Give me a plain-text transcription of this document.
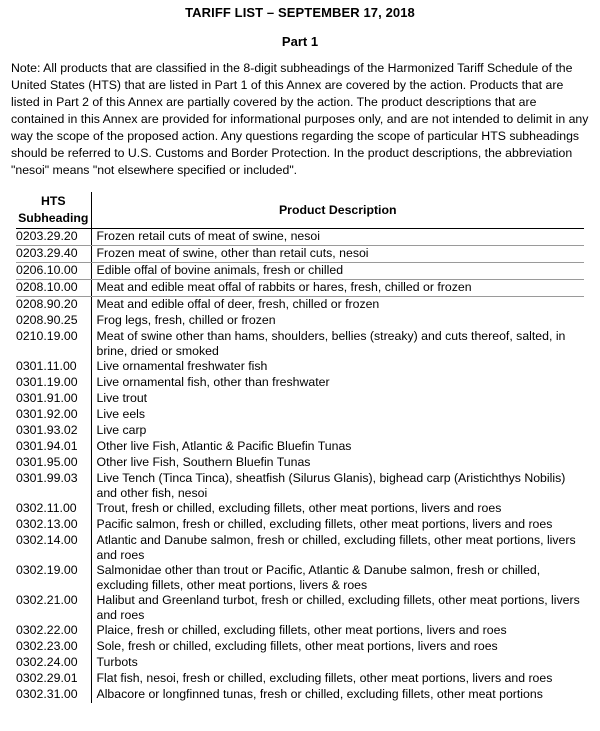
TARIFF LIST – SEPTEMBER 17, 2018
Part 1
Note: All products that are classified in the 8-digit subheadings of the Harmonized Tariff Schedule of the United States (HTS) that are listed in Part 1 of this Annex are covered by the action. Products that are listed in Part 2 of this Annex are partially covered by the action. The product descriptions that are contained in this Annex are provided for informational purposes only, and are not intended to delimit in any way the scope of the proposed action. Any questions regarding the scope of particular HTS subheadings should be referred to U.S. Customs and Border Protection. In the product descriptions, the abbreviation "nesoi" means "not elsewhere specified or included".
HTS
Subheading	Product Description
0203.29.20	Frozen retail cuts of meat of swine, nesoi
0203.29.40	Frozen meat of swine, other than retail cuts, nesoi
0206.10.00	Edible offal of bovine animals, fresh or chilled
0208.10.00	Meat and edible meat offal of rabbits or hares, fresh, chilled or frozen
0208.90.20	Meat and edible offal of deer, fresh, chilled or frozen
0208.90.25	Frog legs, fresh, chilled or frozen
0210.19.00	Meat of swine other than hams, shoulders, bellies (streaky) and cuts thereof, salted, in brine, dried or smoked
0301.11.00	Live ornamental freshwater fish
0301.19.00	Live ornamental fish, other than freshwater
0301.91.00	Live trout
0301.92.00	Live eels
0301.93.02	Live carp
0301.94.01	Other live Fish, Atlantic & Pacific Bluefin Tunas
0301.95.00	Other live Fish, Southern Bluefin Tunas
0301.99.03	Live Tench (Tinca Tinca), sheatfish (Silurus Glanis), bighead carp (Aristichthys Nobilis) and other fish, nesoi
0302.11.00	Trout, fresh or chilled, excluding fillets, other meat portions, livers and roes
0302.13.00	Pacific salmon, fresh or chilled, excluding fillets, other meat portions, livers and roes
0302.14.00	Atlantic and Danube salmon, fresh or chilled, excluding fillets, other meat portions, livers and roes
0302.19.00	Salmonidae other than trout or Pacific, Atlantic & Danube salmon, fresh or chilled, excluding fillets, other meat portions, livers & roes
0302.21.00	Halibut and Greenland turbot, fresh or chilled, excluding fillets, other meat portions, livers and roes
0302.22.00	Plaice, fresh or chilled, excluding fillets, other meat portions, livers and roes
0302.23.00	Sole, fresh or chilled, excluding fillets, other meat portions, livers and roes
0302.24.00	Turbots
0302.29.01	Flat fish, nesoi, fresh or chilled, excluding fillets, other meat portions, livers and roes
0302.31.00	Albacore or longfinned tunas, fresh or chilled, excluding fillets, other meat portions
